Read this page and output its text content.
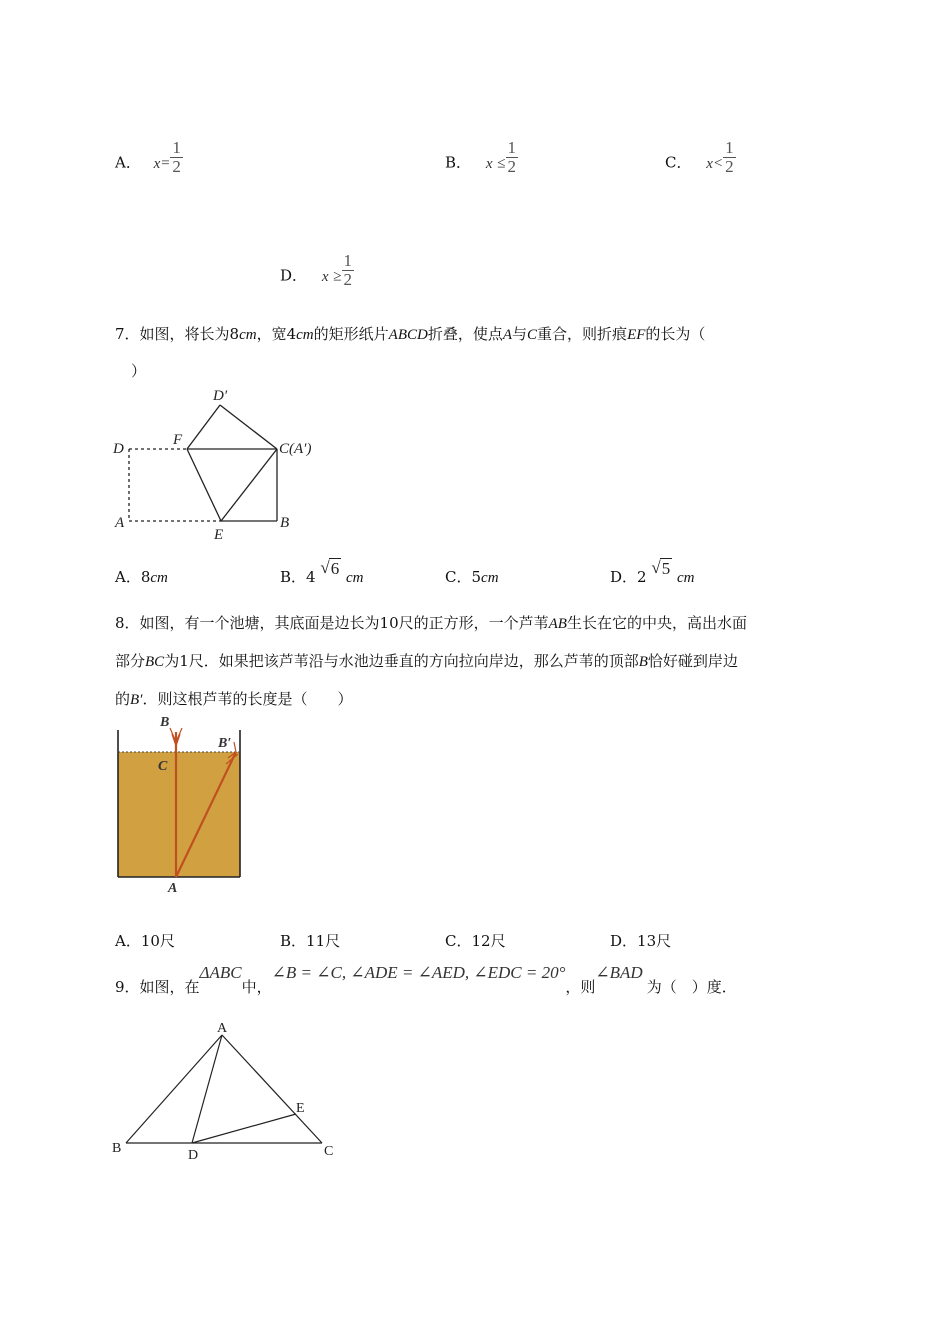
A． $x= \frac{1}{2}$	B． $x \le \frac{1}{2}$	C． $x< \frac{1}{2}$
D． $x \ge \frac{1}{2}$
7．如图，将长为8cm，宽4cm的矩形纸片ABCD折叠，使点A与C重合，则折痕EF的长为（
）
D
D′
F
C(A′)
A
E
B
A．8cm	B．4 √ 6 cm	C．5cm	D．2 √ 5 cm
8．如图，有一个池塘，其底面是边长为10尺的正方形，一个芦苇AB生长在它的中央，高出水面
部分BC为1尺．如果把该芦苇沿与水池边垂直的方向拉向岸边，那么芦苇的顶部B恰好碰到岸边
的B′．则这根芦苇的长度是（　　）
B
B′
C
A
A．10尺	B．11尺	C．12尺	D．13尺
9．如图，在ΔABC中，∠B = ∠C, ∠ADE = ∠AED, ∠EDC = 20°，则∠BAD为（　）度．
A
B	C
D
E
